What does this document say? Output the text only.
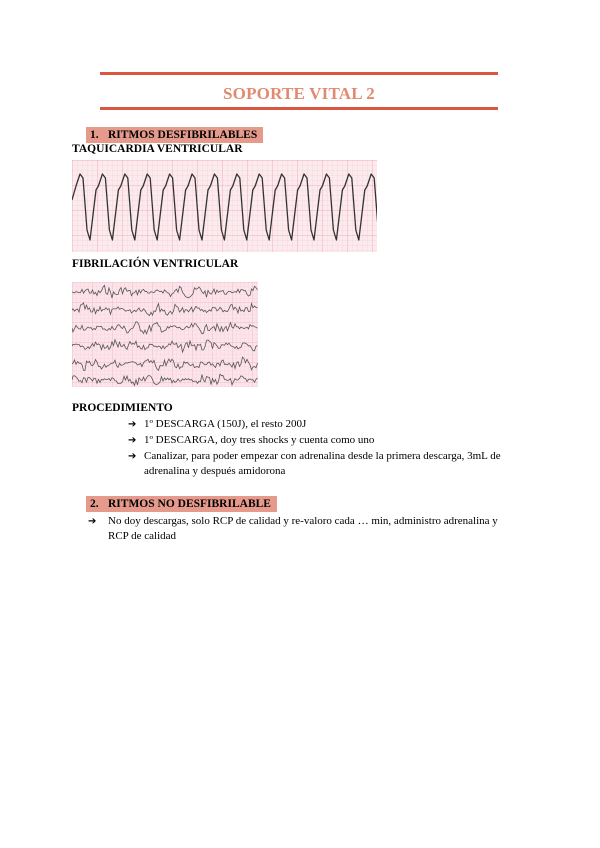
SOPORTE VITAL 2
1. RITMOS DESFIBRILABLES
TAQUICARDIA VENTRICULAR
FIBRILACIÓN VENTRICULAR
PROCEDIMIENTO
➔ 1º DESCARGA (150J), el resto 200J
➔ 1º DESCARGA, doy tres shocks y cuenta como uno
➔ Canalizar, para poder empezar con adrenalina desde la primera descarga, 3mL de adrenalina y después amidorona
2. RITMOS NO DESFIBRILABLE
➔	No doy descargas, solo RCP de calidad y re-valoro cada … min, administro adrenalina y RCP de calidad
